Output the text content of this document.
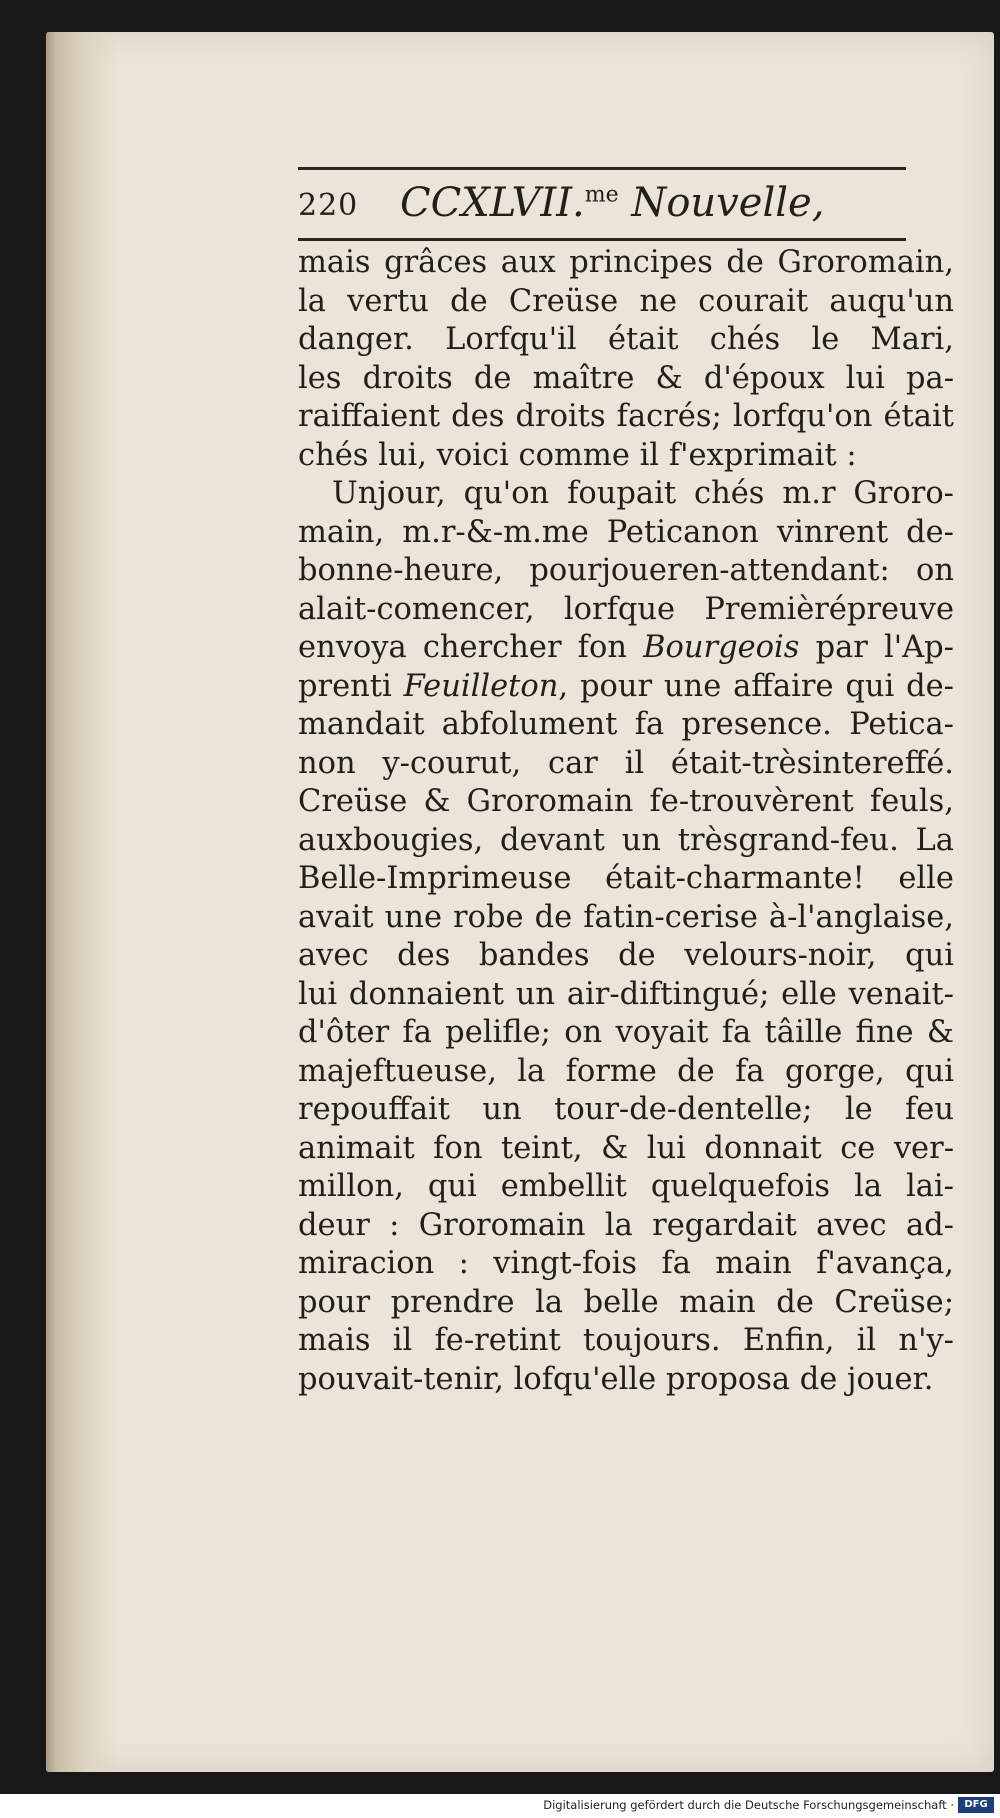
220 CCXLVII.$^{me}$ Nouvelle,
mais grâces aux principes de Groromain,
la vertu de Creüse ne courait auqu'un
danger. Lorfqu'il était chés le Mari,
les droits de maître & d'époux lui pa-
raiffaient des droits facrés; lorfqu'on était
chés lui, voici comme il f'exprimait :
Unjour, qu'on foupait chés m.r Groro-
main, m.r-&-m.me Peticanon vinrent de-
bonne-heure, pourjoueren-attendant: on
alait-comencer, lorfque Premièrépreuve
envoya chercher fon Bourgeois par l'Ap-
prenti Feuilleton, pour une affaire qui de-
mandait abfolument fa presence. Petica-
non y-courut, car il était-trèsintereffé.
Creüse & Groromain fe-trouvèrent feuls,
auxbougies, devant un trèsgrand-feu. La
Belle-Imprimeuse était-charmante! elle
avait une robe de fatin-cerise à-l'anglaise,
avec des bandes de velours-noir, qui
lui donnaient un air-diftingué; elle venait-
d'ôter fa pelifle; on voyait fa tâille fine &
majeftueuse, la forme de fa gorge, qui
repouffait un tour-de-dentelle; le feu
animait fon teint, & lui donnait ce ver-
millon, qui embellit quelquefois la lai-
deur : Groromain la regardait avec ad-
miracion : vingt-fois fa main f'avança,
pour prendre la belle main de Creüse;
mais il fe-retint toujours. Enfin, il n'y-
pouvait-tenir, lofqu'elle proposa de jouer.
Digitalisierung gefördert durch die Deutsche Forschungsgemeinschaft ·	DFG
